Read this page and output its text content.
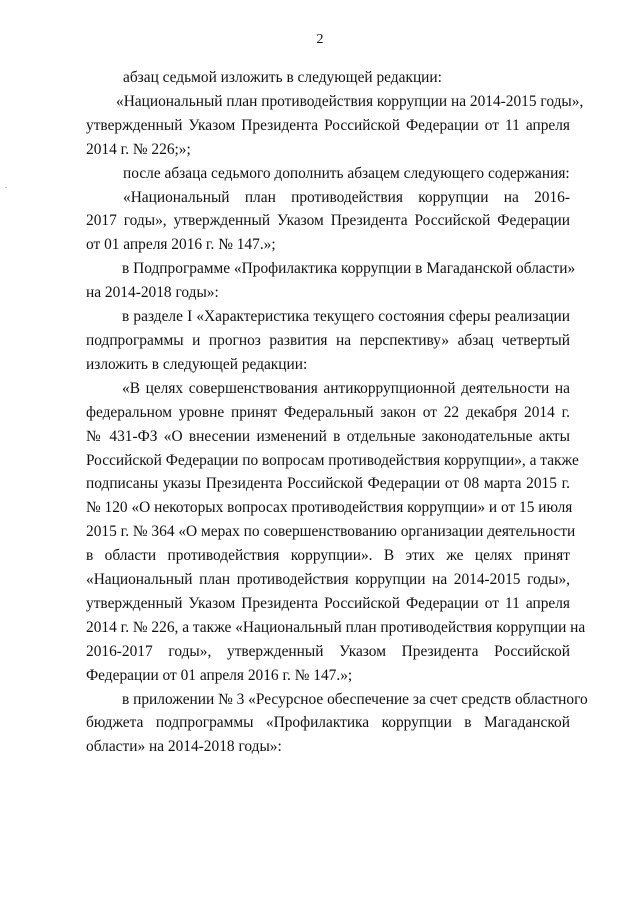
2
.
абзац седьмой изложить в следующей редакции:
«Национальный план противодействия коррупции на 2014-2015 годы»,
утвержденный Указом Президента Российской Федерации от 11 апреля
2014 г. № 226;»;
после абзаца седьмого дополнить абзацем следующего содержания:
«Национальный план противодействия коррупции на 2016-
2017 годы», утвержденный Указом Президента Российской Федерации
от 01 апреля 2016 г. № 147.»;
в Подпрограмме «Профилактика коррупции в Магаданской области»
на 2014-2018 годы»:
в разделе I «Характеристика текущего состояния сферы реализации
подпрограммы и прогноз развития на перспективу» абзац четвертый
изложить в следующей редакции:
«В целях совершенствования антикоррупционной деятельности на
федеральном уровне принят Федеральный закон от 22 декабря 2014 г.
№ 431-ФЗ «О внесении изменений в отдельные законодательные акты
Российской Федерации по вопросам противодействия коррупции», а также
подписаны указы Президента Российской Федерации от 08 марта 2015 г.
№ 120 «О некоторых вопросах противодействия коррупции» и от 15 июля
2015 г. № 364 «О мерах по совершенствованию организации деятельности
в области противодействия коррупции». В этих же целях принят
«Национальный план противодействия коррупции на 2014-2015 годы»,
утвержденный Указом Президента Российской Федерации от 11 апреля
2014 г. № 226, а также «Национальный план противодействия коррупции на
2016-2017 годы», утвержденный Указом Президента Российской
Федерации от 01 апреля 2016 г. № 147.»;
в приложении № 3 «Ресурсное обеспечение за счет средств областного
бюджета подпрограммы «Профилактика коррупции в Магаданской
области» на 2014-2018 годы»:
